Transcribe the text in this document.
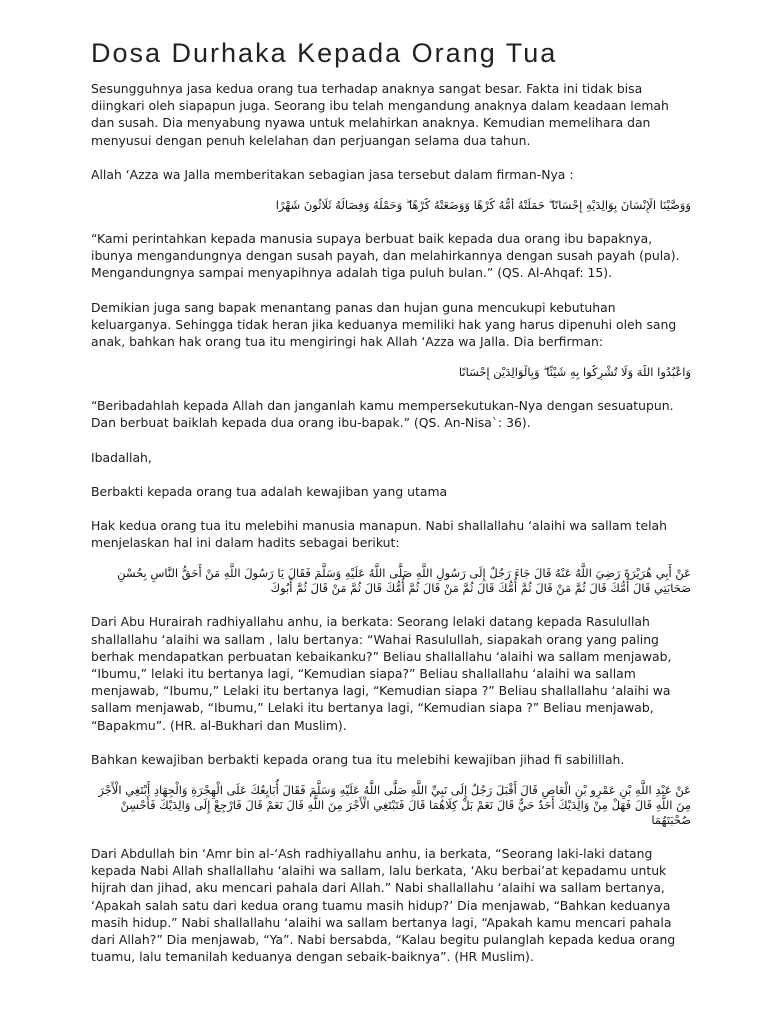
Dosa Durhaka Kepada Orang Tua

Sesungguhnya jasa kedua orang tua terhadap anaknya sangat besar. Fakta ini tidak bisa diingkari oleh siapapun juga. Seorang ibu telah mengandung anaknya dalam keadaan lemah dan susah. Dia menyabung nyawa untuk melahirkan anaknya. Kemudian memelihara dan menyusui dengan penuh kelelahan dan perjuangan selama dua tahun.

Allah ‘Azza wa Jalla memberitakan sebagian jasa tersebut dalam firman-Nya :

وَوَصَّيْنَا الْإِنْسَانَ بِوَالِدَيْهِ إِحْسَانًا ۖ حَمَلَتْهُ أُمُّهُ كُرْهًا وَوَضَعَتْهُ كُرْهًا ۖ وَحَمْلُهُ وَفِصَالُهُ ثَلَاثُونَ شَهْرًا

“Kami perintahkan kepada manusia supaya berbuat baik kepada dua orang ibu bapaknya, ibunya mengandungnya dengan susah payah, dan melahirkannya dengan susah payah (pula). Mengandungnya sampai menyapihnya adalah tiga puluh bulan.” (QS. Al-Ahqaf: 15).

Demikian juga sang bapak menantang panas dan hujan guna mencukupi kebutuhan keluarganya. Sehingga tidak heran jika keduanya memiliki hak yang harus dipenuhi oleh sang anak, bahkan hak orang tua itu mengiringi hak Allah ‘Azza wa Jalla. Dia berfirman:

وَاعْبُدُوا اللَّهَ وَلَا تُشْرِكُوا بِهِ شَيْئًا ۖ وَبِالْوَالِدَيْنِ إِحْسَانًا

“Beribadahlah kepada Allah dan janganlah kamu mempersekutukan-Nya dengan sesuatupun. Dan berbuat baiklah kepada dua orang ibu-bapak.” (QS. An-Nisa`: 36).

Ibadallah,

Berbakti kepada orang tua adalah kewajiban yang utama

Hak kedua orang tua itu melebihi manusia manapun. Nabi shallallahu ‘alaihi wa sallam telah menjelaskan hal ini dalam hadits sebagai berikut:

عَنْ أَبِي هُرَيْرَةَ رَضِيَ اللَّهُ عَنْهُ قَالَ جَاءَ رَجُلٌ إِلَى رَسُولِ اللَّهِ صَلَّى اللَّهُ عَلَيْهِ وَسَلَّمَ فَقَالَ يَا رَسُولَ اللَّهِ مَنْ أَحَقُّ النَّاسِ بِحُسْنِ صَحَابَتِي قَالَ أُمُّكَ قَالَ ثُمَّ مَنْ قَالَ ثُمَّ أُمُّكَ قَالَ ثُمَّ مَنْ قَالَ ثُمَّ أُمُّكَ قَالَ ثُمَّ مَنْ قَالَ ثُمَّ أَبُوكَ

Dari Abu Hurairah radhiyallahu anhu, ia berkata: Seorang lelaki datang kepada Rasulullah shallallahu ‘alaihi wa sallam , lalu bertanya: “Wahai Rasulullah, siapakah orang yang paling berhak mendapatkan perbuatan kebaikanku?” Beliau shallallahu ‘alaihi wa sallam menjawab, “Ibumu,” lelaki itu bertanya lagi, “Kemudian siapa?” Beliau shallallahu ‘alaihi wa sallam menjawab, “Ibumu,” Lelaki itu bertanya lagi, “Kemudian siapa ?” Beliau shallallahu ‘alaihi wa sallam menjawab, “Ibumu,” Lelaki itu bertanya lagi, “Kemudian siapa ?” Beliau menjawab, “Bapakmu”. (HR. al-Bukhari dan Muslim).

Bahkan kewajiban berbakti kepada orang tua itu melebihi kewajiban jihad fi sabilillah.

عَنْ عَبْدِ اللَّهِ بْنِ عَمْرِو بْنِ الْعَاصِ قَالَ أَقْبَلَ رَجُلٌ إِلَى نَبِيِّ اللَّهِ صَلَّى اللَّهُ عَلَيْهِ وَسَلَّمَ فَقَالَ أُبَايِعُكَ عَلَى الْهِجْرَةِ وَالْجِهَادِ أَبْتَغِي الْأَجْرَ مِنَ اللَّهِ قَالَ فَهَلْ مِنْ وَالِدَيْكَ أَحَدٌ حَيٌّ قَالَ نَعَمْ بَلْ كِلَاهُمَا قَالَ فَتَبْتَغِي الْأَجْرَ مِنَ اللَّهِ قَالَ نَعَمْ قَالَ فَارْجِعْ إِلَى وَالِدَيْكَ فَأَحْسِنْ صُحْبَتَهُمَا

Dari Abdullah bin ‘Amr bin al-‘Ash radhiyallahu anhu, ia berkata, “Seorang laki-laki datang kepada Nabi Allah shallallahu ‘alaihi wa sallam, lalu berkata, ‘Aku berbai’at kepadamu untuk hijrah dan jihad, aku mencari pahala dari Allah.” Nabi shallallahu ‘alaihi wa sallam bertanya, ‘Apakah salah satu dari kedua orang tuamu masih hidup?’ Dia menjawab, “Bahkan keduanya masih hidup.” Nabi shallallahu ‘alaihi wa sallam bertanya lagi, “Apakah kamu mencari pahala dari Allah?” Dia menjawab, “Ya”. Nabi bersabda, “Kalau begitu pulanglah kepada kedua orang tuamu, lalu temanilah keduanya dengan sebaik-baiknya”. (HR Muslim).
